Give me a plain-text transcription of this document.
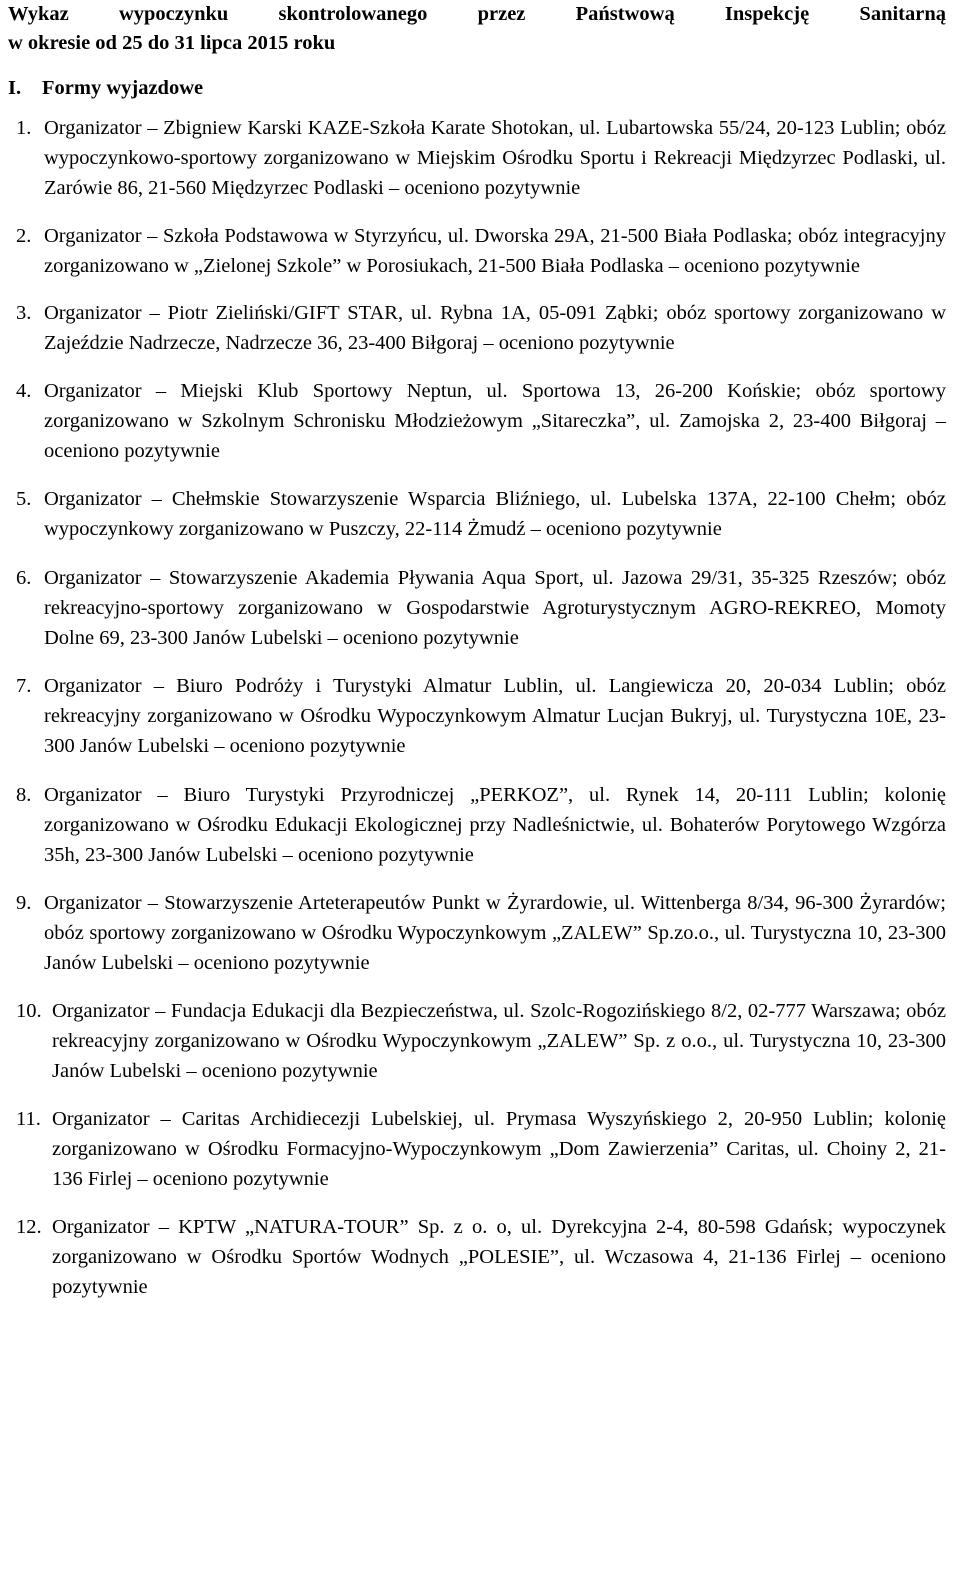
Wykaz wypoczynku skontrolowanego przez Państwową Inspekcję Sanitarną
w okresie od 25 do 31 lipca 2015 roku
I.	Formy wyjazdowe
1. Organizator – Zbigniew Karski KAZE-Szkoła Karate Shotokan, ul. Lubartowska 55/24, 20-123 Lublin; obóz wypoczynkowo-sportowy zorganizowano w Miejskim Ośrodku Sportu i Rekreacji Międzyrzec Podlaski, ul. Zarówie 86, 21-560 Międzyrzec Podlaski – oceniono pozytywnie
2. Organizator – Szkoła Podstawowa w Styrzyńcu, ul. Dworska 29A, 21-500 Biała Podlaska; obóz integracyjny zorganizowano w „Zielonej Szkole” w Porosiukach, 21-500 Biała Podlaska – oceniono pozytywnie
3. Organizator – Piotr Zieliński/GIFT STAR, ul. Rybna 1A, 05-091 Ząbki; obóz sportowy zorganizowano w Zajeździe Nadrzecze, Nadrzecze 36, 23-400 Biłgoraj – oceniono pozytywnie
4. Organizator – Miejski Klub Sportowy Neptun, ul. Sportowa 13, 26-200 Końskie; obóz sportowy zorganizowano w Szkolnym Schronisku Młodzieżowym „Sitareczka”, ul. Zamojska 2, 23-400 Biłgoraj – oceniono pozytywnie
5. Organizator – Chełmskie Stowarzyszenie Wsparcia Bliźniego, ul. Lubelska 137A, 22-100 Chełm; obóz wypoczynkowy zorganizowano w Puszczy, 22-114 Żmudź – oceniono pozytywnie
6. Organizator – Stowarzyszenie Akademia Pływania Aqua Sport, ul. Jazowa 29/31, 35-325 Rzeszów; obóz rekreacyjno-sportowy zorganizowano w Gospodarstwie Agroturystycznym AGRO-REKREO, Momoty Dolne 69, 23-300 Janów Lubelski – oceniono pozytywnie
7. Organizator – Biuro Podróży i Turystyki Almatur Lublin, ul. Langiewicza 20, 20-034 Lublin; obóz rekreacyjny zorganizowano w Ośrodku Wypoczynkowym Almatur Lucjan Bukryj, ul. Turystyczna 10E, 23-300 Janów Lubelski – oceniono pozytywnie
8. Organizator – Biuro Turystyki Przyrodniczej „PERKOZ”, ul. Rynek 14, 20-111 Lublin; kolonię zorganizowano w Ośrodku Edukacji Ekologicznej przy Nadleśnictwie, ul. Bohaterów Porytowego Wzgórza 35h, 23-300 Janów Lubelski – oceniono pozytywnie
9. Organizator – Stowarzyszenie Arteterapeutów Punkt w Żyrardowie, ul. Wittenberga 8/34, 96-300 Żyrardów; obóz sportowy zorganizowano w Ośrodku Wypoczynkowym „ZALEW” Sp.zo.o., ul. Turystyczna 10, 23-300 Janów Lubelski – oceniono pozytywnie
10. Organizator – Fundacja Edukacji dla Bezpieczeństwa, ul. Szolc-Rogozińskiego 8/2, 02-777 Warszawa; obóz rekreacyjny zorganizowano w Ośrodku Wypoczynkowym „ZALEW” Sp. z o.o., ul. Turystyczna 10, 23-300 Janów Lubelski – oceniono pozytywnie
11. Organizator – Caritas Archidiecezji Lubelskiej, ul. Prymasa Wyszyńskiego 2, 20-950 Lublin; kolonię zorganizowano w Ośrodku Formacyjno-Wypoczynkowym „Dom Zawierzenia” Caritas, ul. Choiny 2, 21-136 Firlej – oceniono pozytywnie
12. Organizator – KPTW „NATURA-TOUR” Sp. z o. o, ul. Dyrekcyjna 2-4, 80-598 Gdańsk; wypoczynek zorganizowano w Ośrodku Sportów Wodnych „POLESIE”, ul. Wczasowa 4, 21-136 Firlej – oceniono pozytywnie
